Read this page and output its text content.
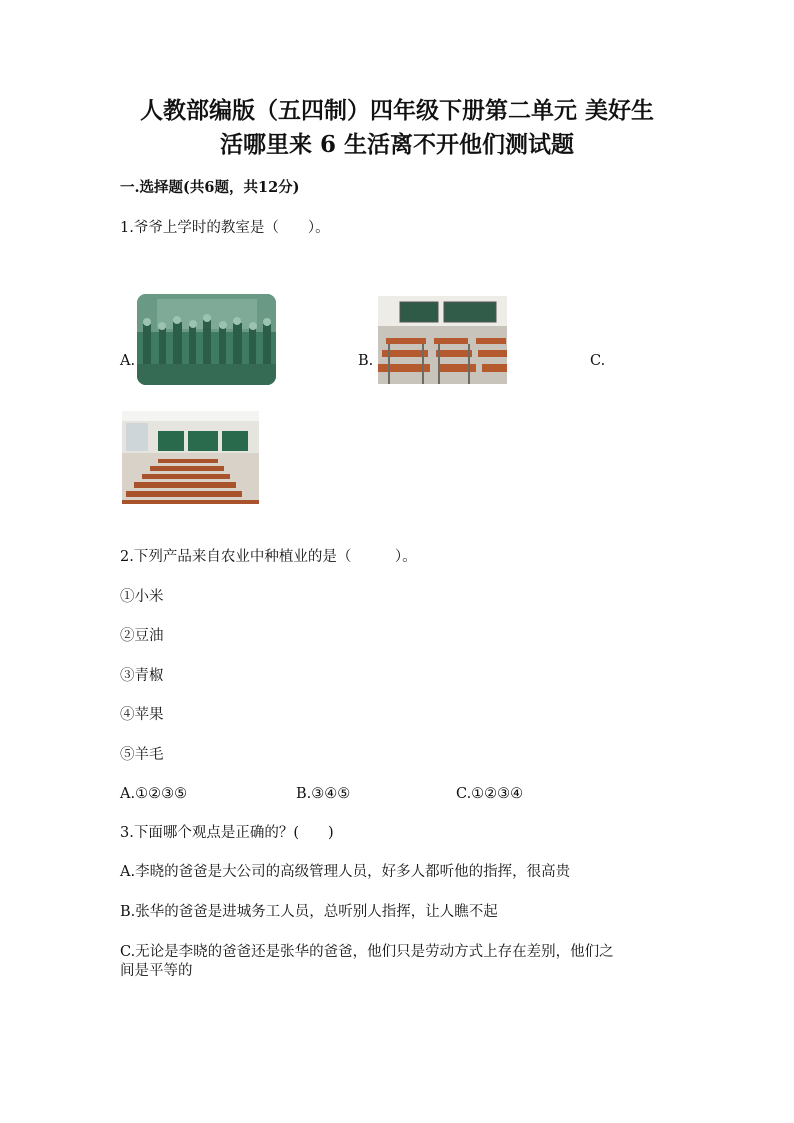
人教部编版（五四制）四年级下册第二单元 美好生
活哪里来 6 生活离不开他们测试题
一.选择题(共6题，共12分)
1.爷爷上学时的教室是（　　）。
A.	B.	C.
2.下列产品来自农业中种植业的是（　　　）。
①小米
②豆油
③青椒
④苹果
⑤羊毛
A.①②③⑤	B.③④⑤	C.①②③④
3.下面哪个观点是正确的？(　　)
A.李晓的爸爸是大公司的高级管理人员，好多人都听他的指挥，很高贵
B.张华的爸爸是进城务工人员，总听别人指挥，让人瞧不起
C.无论是李晓的爸爸还是张华的爸爸，他们只是劳动方式上存在差别，他们之
间是平等的
